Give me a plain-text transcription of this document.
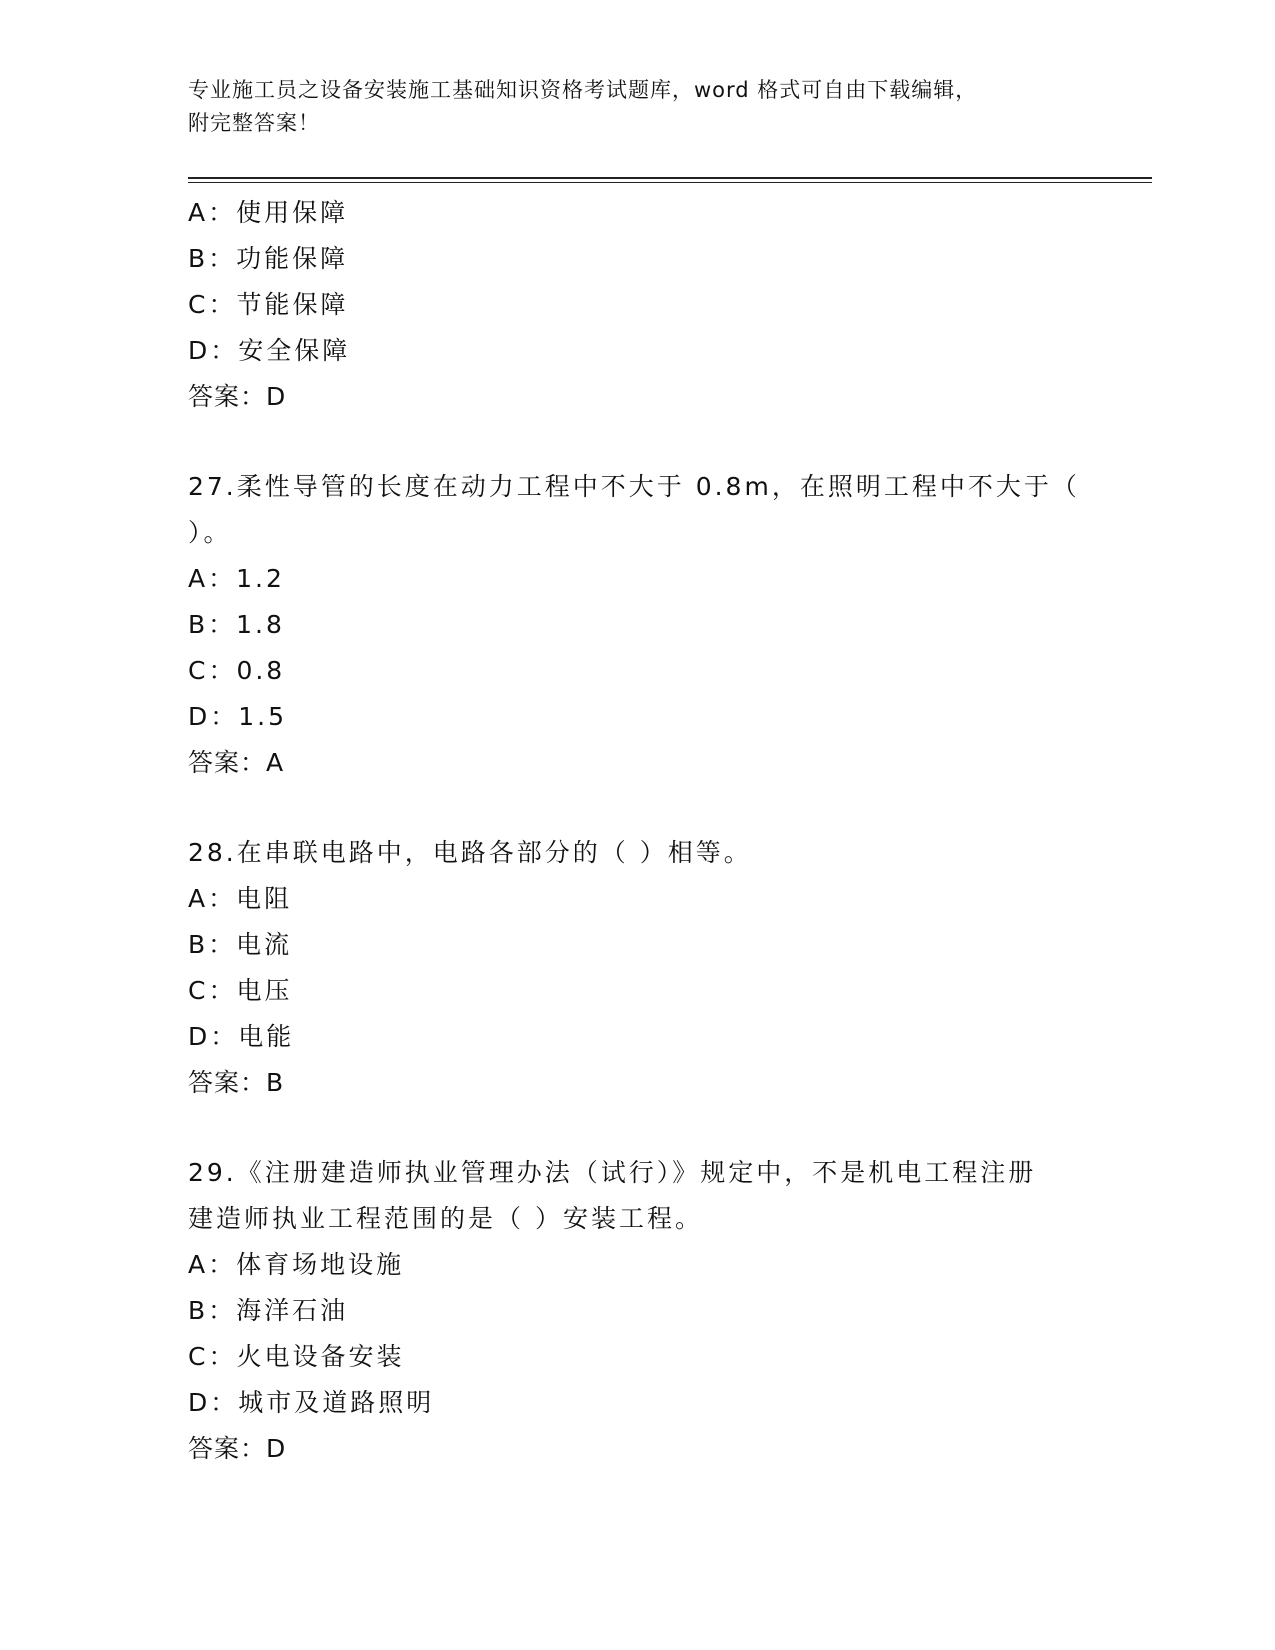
专业施工员之设备安装施工基础知识资格考试题库，word 格式可自由下载编辑，
附完整答案！
A：使用保障
B：功能保障
C：节能保障
D：安全保障
答案：D
27.柔性导管的长度在动力工程中不大于 0.8m，在照明工程中不大于（
）。
A：1.2
B：1.8
C：0.8
D：1.5
答案：A
28.在串联电路中，电路各部分的（ ）相等。
A：电阻
B：电流
C：电压
D：电能
答案：B
29.《注册建造师执业管理办法（试行）》规定中，不是机电工程注册
建造师执业工程范围的是（ ）安装工程。
A：体育场地设施
B：海洋石油
C：火电设备安装
D：城市及道路照明
答案：D
